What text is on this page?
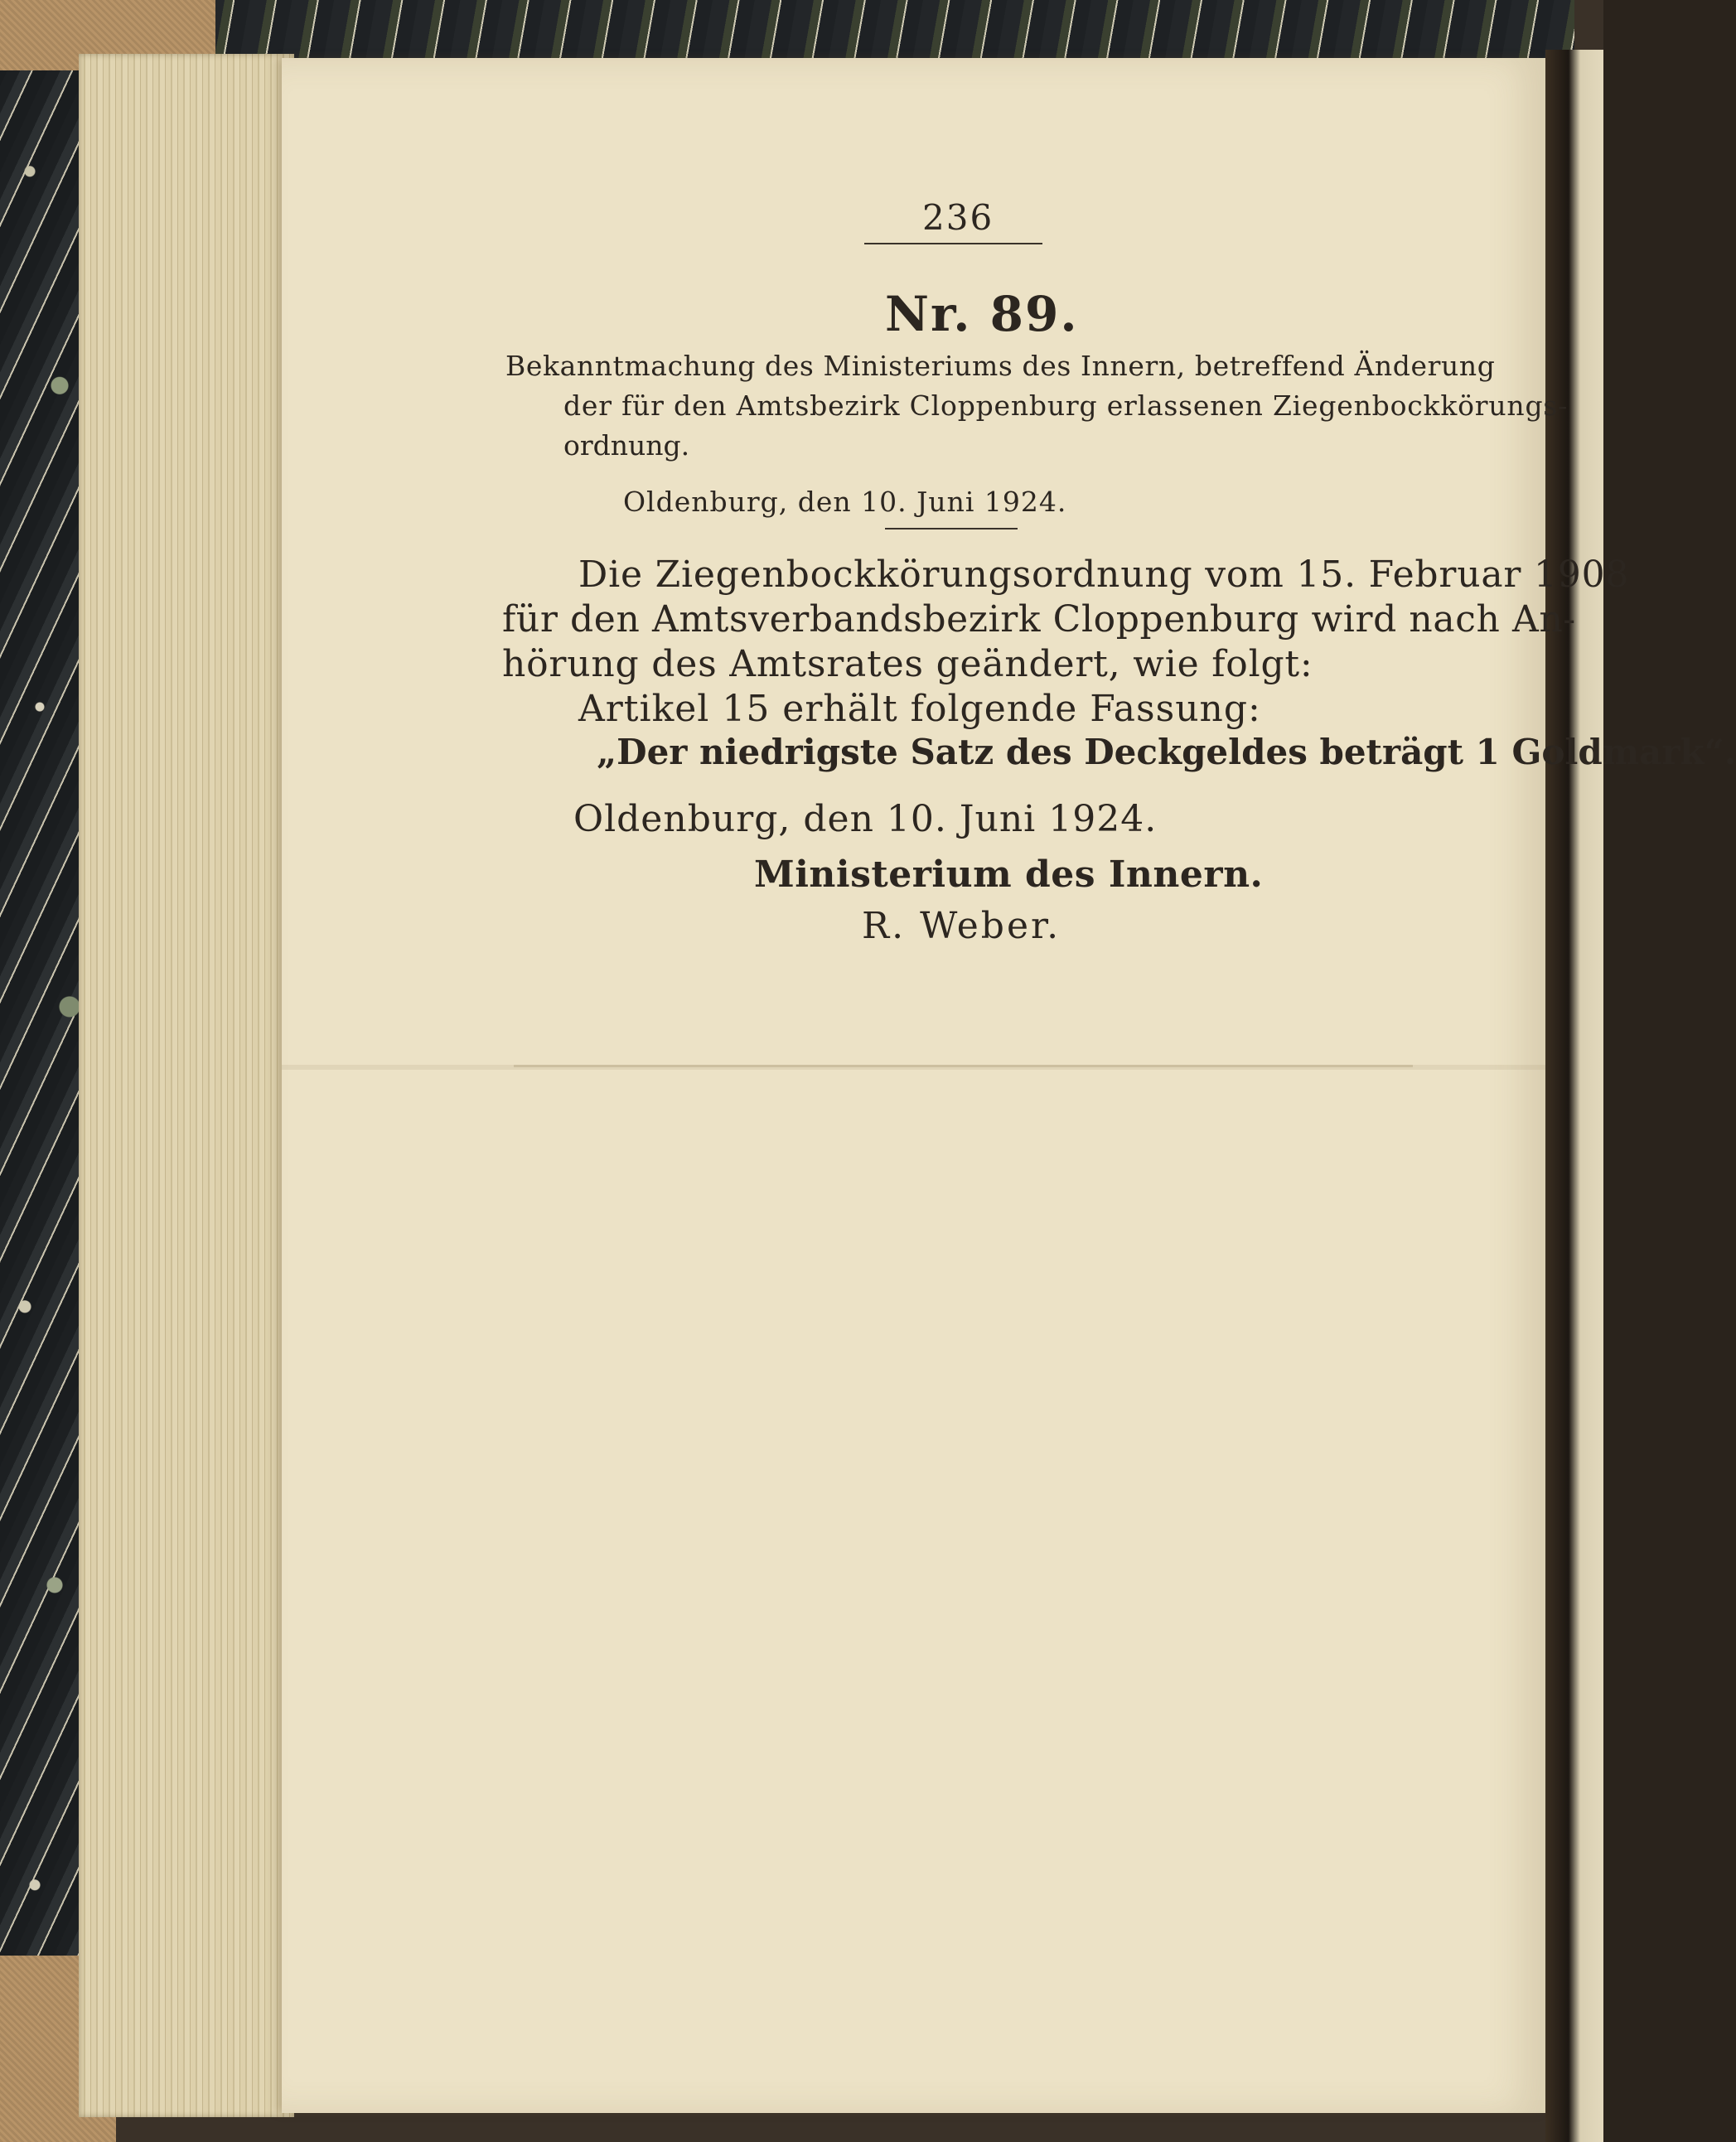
236
Nr. 89.
Bekanntmachung des Ministeriums des Innern, betreffend Änderung
der für den Amtsbezirk Cloppenburg erlassenen Ziegenbockkörungs-
ordnung.
Oldenburg, den 10. Juni 1924.
Die Ziegenbockkörungsordnung vom 15. Februar 1908
für den Amtsverbandsbezirk Cloppenburg wird nach An-
hörung des Amtsrates geändert, wie folgt:
Artikel 15 erhält folgende Fassung:
„Der niedrigste Satz des Deckgeldes beträgt 1 Goldmark“.
Oldenburg, den 10. Juni 1924.
Ministerium des Innern.
R. Weber.
